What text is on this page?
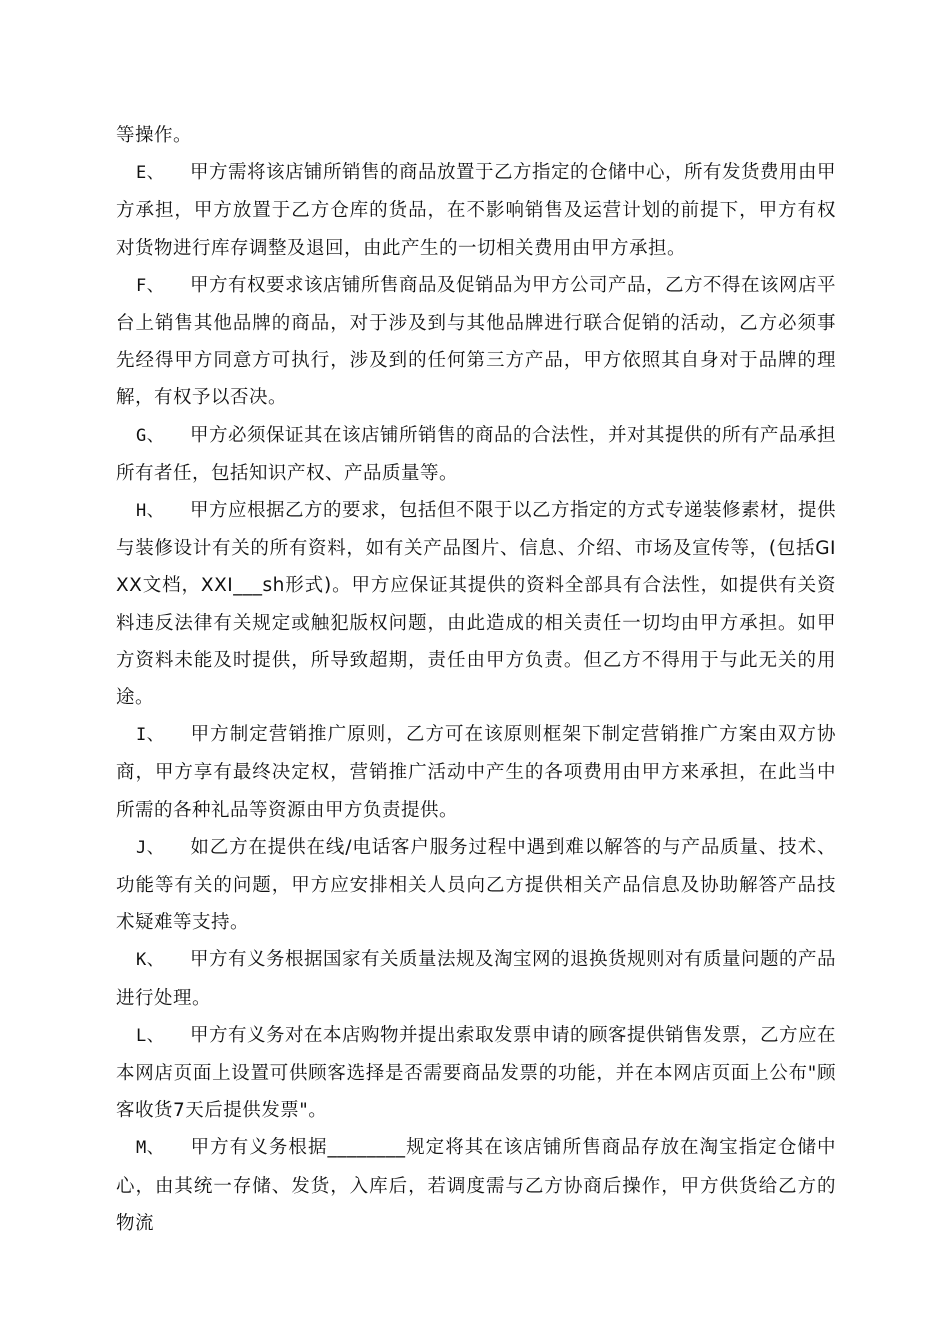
等操作。

E、 甲方需将该店铺所销售的商品放置于乙方指定的仓储中心，所有发货费用由甲方承担，甲方放置于乙方仓库的货品，在不影响销售及运营计划的前提下，甲方有权对货物进行库存调整及退回，由此产生的一切相关费用由甲方承担。

F、 甲方有权要求该店铺所售商品及促销品为甲方公司产品，乙方不得在该网店平台上销售其他品牌的商品，对于涉及到与其他品牌进行联合促销的活动，乙方必须事先经得甲方同意方可执行，涉及到的任何第三方产品，甲方依照其自身对于品牌的理解，有权予以否决。

G、 甲方必须保证其在该店铺所销售的商品的合法性，并对其提供的所有产品承担所有者任，包括知识产权、产品质量等。

H、 甲方应根据乙方的要求，包括但不限于以乙方指定的方式专递装修素材，提供与装修设计有关的所有资料，如有关产品图片、信息、介绍、市场及宣传等，(包括GIXX文档，XXI___sh形式)。甲方应保证其提供的资料全部具有合法性，如提供有关资料违反法律有关规定或触犯版权问题，由此造成的相关责任一切均由甲方承担。如甲方资料未能及时提供，所导致超期，责任由甲方负责。但乙方不得用于与此无关的用途。

I、 甲方制定营销推广原则，乙方可在该原则框架下制定营销推广方案由双方协商，甲方享有最终决定权，营销推广活动中产生的各项费用由甲方来承担，在此当中所需的各种礼品等资源由甲方负责提供。

J、 如乙方在提供在线/电话客户服务过程中遇到难以解答的与产品质量、技术、功能等有关的问题，甲方应安排相关人员向乙方提供相关产品信息及协助解答产品技术疑难等支持。

K、 甲方有义务根据国家有关质量法规及淘宝网的退换货规则对有质量问题的产品进行处理。

L、 甲方有义务对在本店购物并提出索取发票申请的顾客提供销售发票，乙方应在本网店页面上设置可供顾客选择是否需要商品发票的功能，并在本网店页面上公布"顾客收货7天后提供发票"。

M、 甲方有义务根据________规定将其在该店铺所售商品存放在淘宝指定仓储中心，由其统一存储、发货，入库后，若调度需与乙方协商后操作，甲方供货给乙方的物流
